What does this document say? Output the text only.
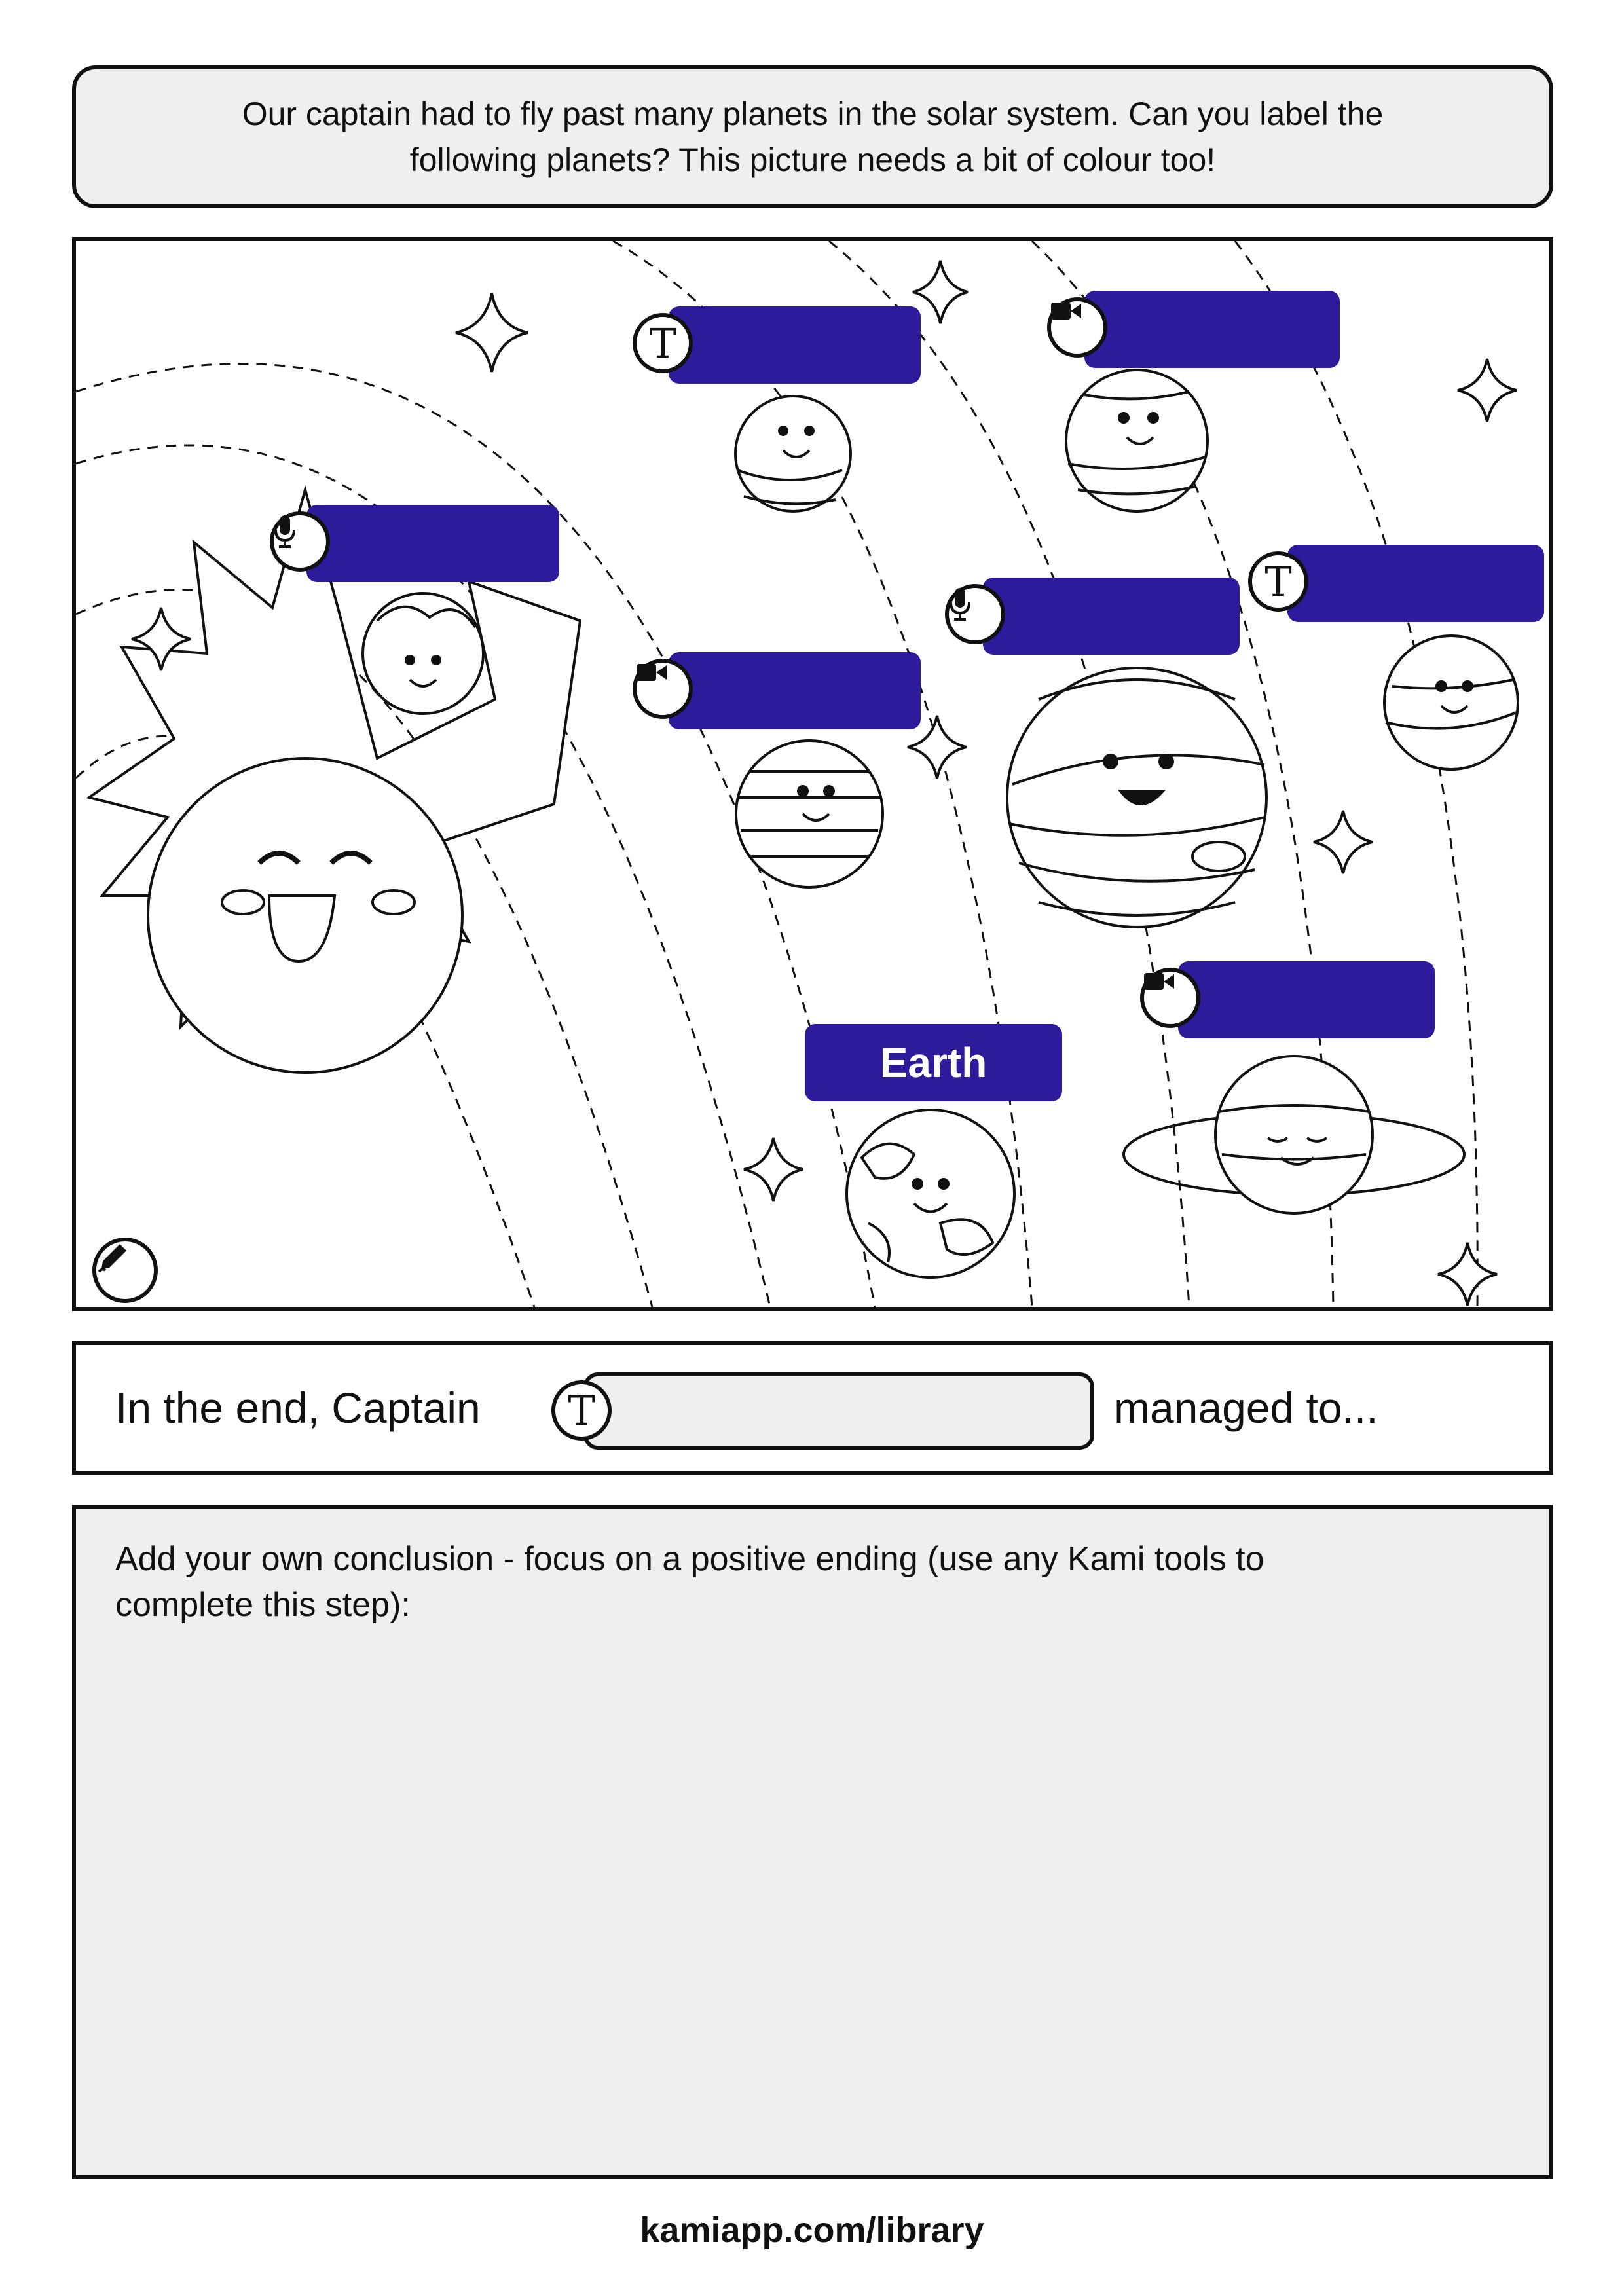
Our captain had to fly past many planets in the solar system. Can you label the
following planets? This picture needs a bit of colour too!
T
T
Earth
In the end, Captain	T	managed to...
Add your own conclusion - focus on a positive ending (use any Kami tools to
complete this step):
kamiapp.com/library
